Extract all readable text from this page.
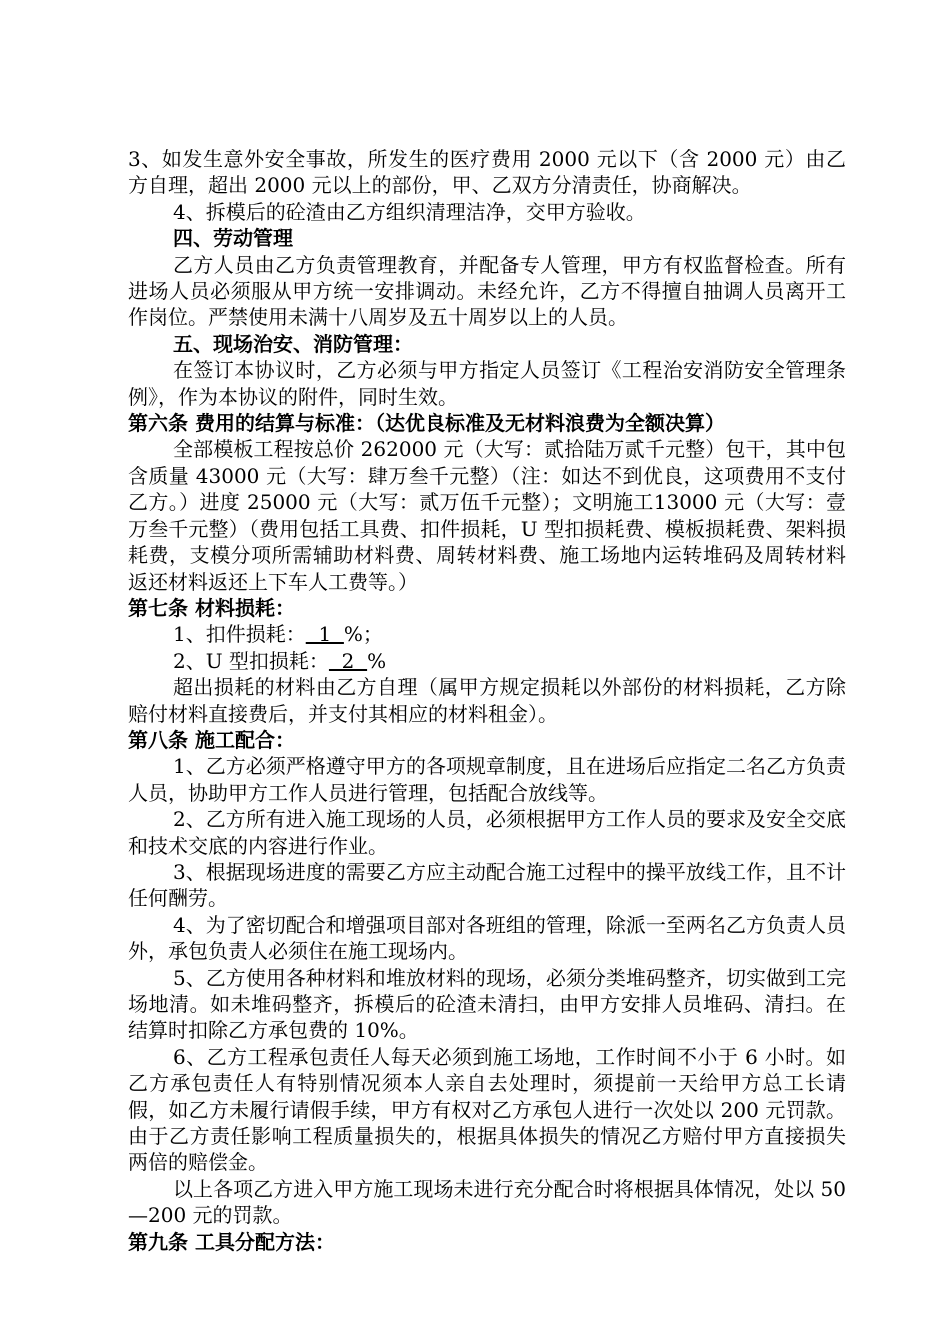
3、如发生意外安全事故，所发生的医疗费用 2000 元以下（含 2000 元）由乙方自理，超出 2000 元以上的部份，甲、乙双方分清责任，协商解决。

4、拆模后的砼渣由乙方组织清理洁净，交甲方验收。

四、劳动管理

乙方人员由乙方负责管理教育，并配备专人管理，甲方有权监督检查。所有进场人员必须服从甲方统一安排调动。未经允许，乙方不得擅自抽调人员离开工作岗位。严禁使用未满十八周岁及五十周岁以上的人员。

五、现场治安、消防管理：

在签订本协议时，乙方必须与甲方指定人员签订《工程治安消防安全管理条例》，作为本协议的附件，同时生效。

第六条 费用的结算与标准：（达优良标准及无材料浪费为全额决算）

全部模板工程按总价 262000 元（大写：贰拾陆万贰千元整）包干，其中包含质量 43000 元（大写：肆万叁千元整）（注：如达不到优良，这项费用不支付乙方。）进度 25000 元（大写：贰万伍千元整）；文明施工13000 元（大写：壹万叁千元整）（费用包括工具费、扣件损耗，U 型扣损耗费、模板损耗费、架料损耗费，支模分项所需辅助材料费、周转材料费、施工场地内运转堆码及周转材料返还材料返还上下车人工费等。）

第七条 材料损耗：

1、扣件损耗：  1  %；

2、U 型扣损耗：  2  %

超出损耗的材料由乙方自理（属甲方规定损耗以外部份的材料损耗，乙方除赔付材料直接费后，并支付其相应的材料租金）。

第八条 施工配合：

1、乙方必须严格遵守甲方的各项规章制度，且在进场后应指定二名乙方负责人员，协助甲方工作人员进行管理，包括配合放线等。

2、乙方所有进入施工现场的人员，必须根据甲方工作人员的要求及安全交底和技术交底的内容进行作业。

3、根据现场进度的需要乙方应主动配合施工过程中的操平放线工作，且不计任何酬劳。

4、为了密切配合和增强项目部对各班组的管理，除派一至两名乙方负责人员外，承包负责人必须住在施工现场内。

5、乙方使用各种材料和堆放材料的现场，必须分类堆码整齐，切实做到工完场地清。如未堆码整齐，拆模后的砼渣未清扫，由甲方安排人员堆码、清扫。在结算时扣除乙方承包费的 10%。

6、乙方工程承包责任人每天必须到施工场地，工作时间不小于 6 小时。如乙方承包责任人有特别情况须本人亲自去处理时，须提前一天给甲方总工长请假，如乙方未履行请假手续，甲方有权对乙方承包人进行一次处以 200 元罚款。由于乙方责任影响工程质量损失的，根据具体损失的情况乙方赔付甲方直接损失两倍的赔偿金。

以上各项乙方进入甲方施工现场未进行充分配合时将根据具体情况，处以 50—200 元的罚款。

第九条 工具分配方法：
